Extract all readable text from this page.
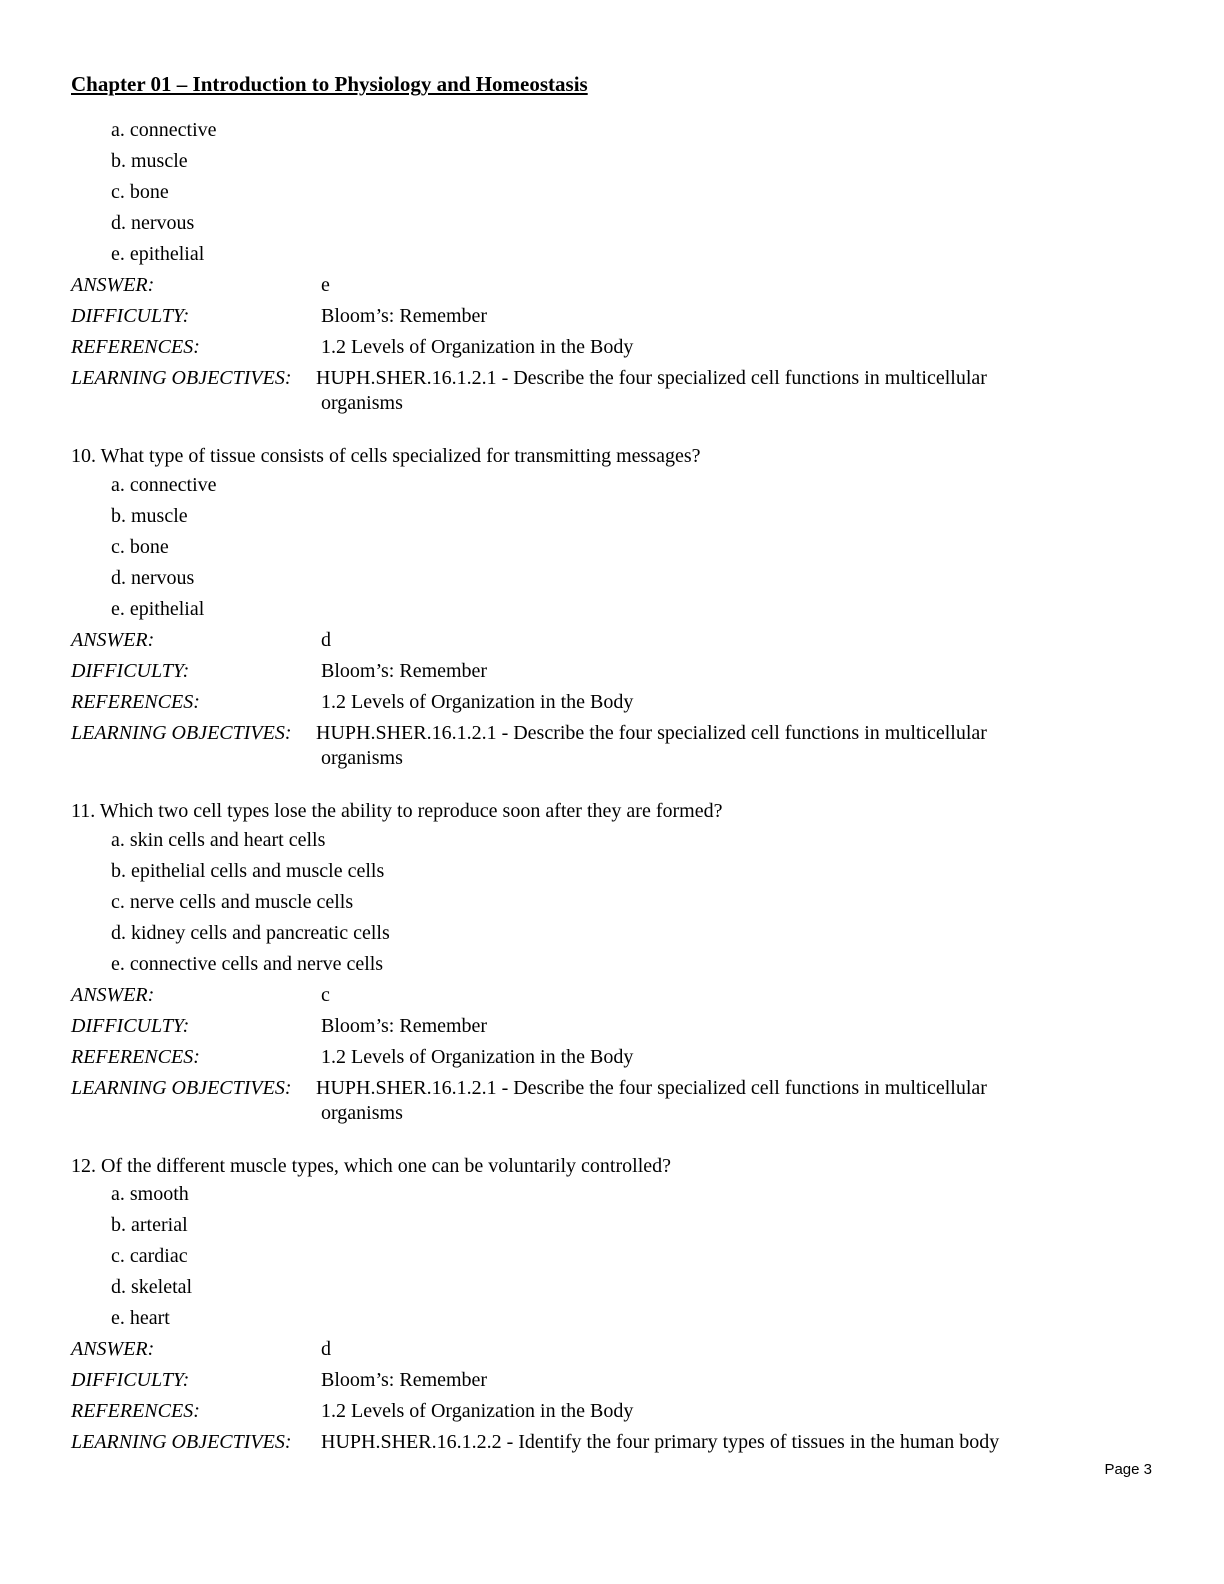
Chapter 01 – Introduction to Physiology and Homeostasis
a. connective
b. muscle
c. bone
d. nervous
e. epithelial
ANSWER:	e
DIFFICULTY:	Bloom’s: Remember
REFERENCES:	1.2 Levels of Organization in the Body
LEARNING OBJECTIVES: HUPH.SHER.16.1.2.1 - Describe the four specialized cell functions in multicellular
organisms
10. What type of tissue consists of cells specialized for transmitting messages?
a. connective
b. muscle
c. bone
d. nervous
e. epithelial
ANSWER:	d
DIFFICULTY:	Bloom’s: Remember
REFERENCES:	1.2 Levels of Organization in the Body
LEARNING OBJECTIVES: HUPH.SHER.16.1.2.1 - Describe the four specialized cell functions in multicellular
organisms
11. Which two cell types lose the ability to reproduce soon after they are formed?
a. skin cells and heart cells
b. epithelial cells and muscle cells
c. nerve cells and muscle cells
d. kidney cells and pancreatic cells
e. connective cells and nerve cells
ANSWER:	c
DIFFICULTY:	Bloom’s: Remember
REFERENCES:	1.2 Levels of Organization in the Body
LEARNING OBJECTIVES: HUPH.SHER.16.1.2.1 - Describe the four specialized cell functions in multicellular
organisms
12. Of the different muscle types, which one can be voluntarily controlled?
a. smooth
b. arterial
c. cardiac
d. skeletal
e. heart
ANSWER:	d
DIFFICULTY:	Bloom’s: Remember
REFERENCES:	1.2 Levels of Organization in the Body
LEARNING OBJECTIVES: HUPH.SHER.16.1.2.2 - Identify the four primary types of tissues in the human body
Page 3
